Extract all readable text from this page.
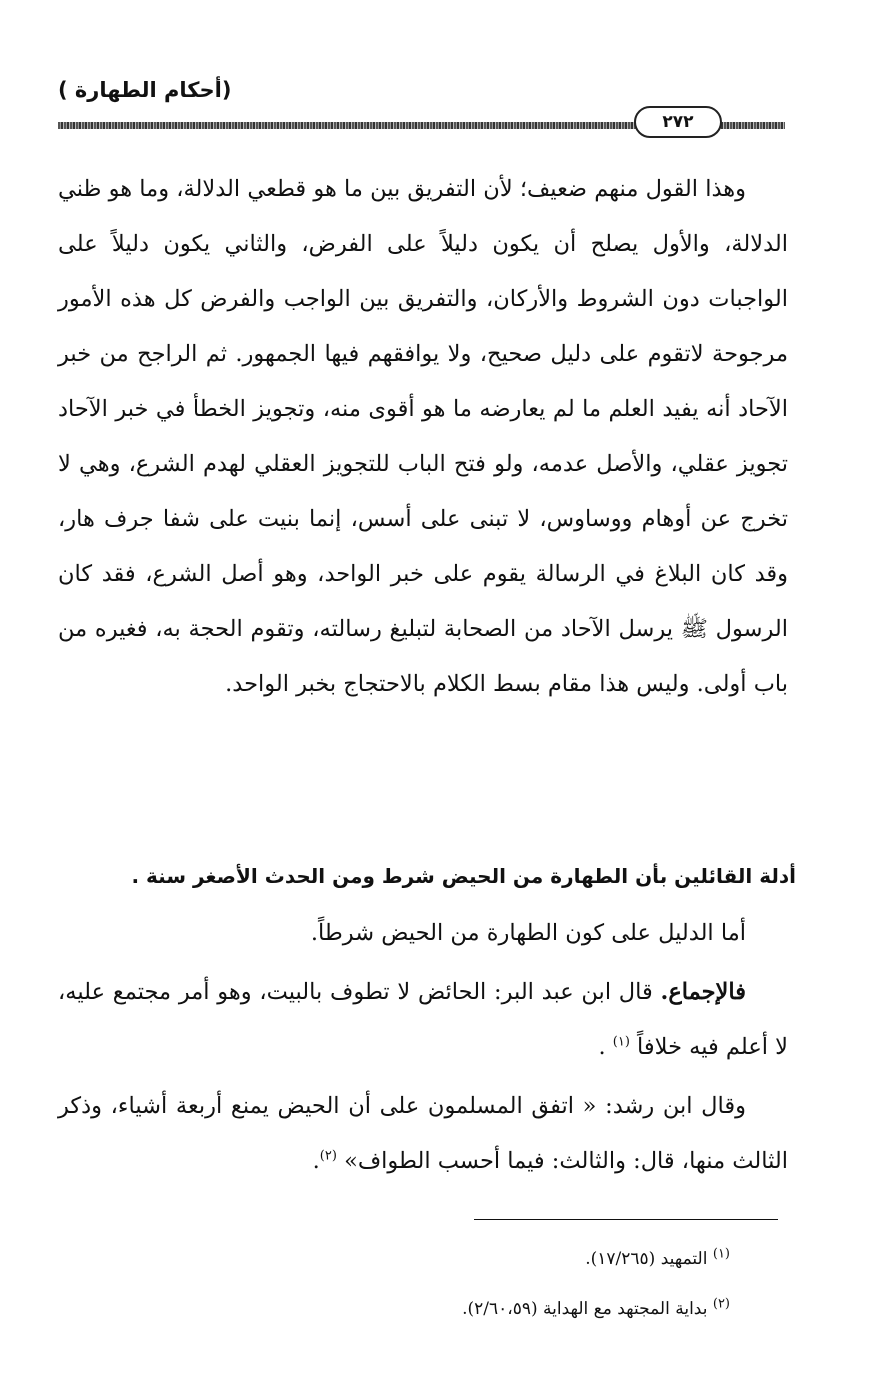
(أحكام الطهارة )
٢٧٢

وهذا القول منهم ضعيف؛ لأن التفريق بين ما هو قطعي الدلالة، وما هو ظني الدلالة، والأول يصلح أن يكون دليلاً على الفرض، والثاني يكون دليلاً على الواجبات دون الشروط والأركان، والتفريق بين الواجب والفرض كل هذه الأمور مرجوحة لاتقوم على دليل صحيح، ولا يوافقهم فيها الجمهور. ثم الراجح من خبر الآحاد أنه يفيد العلم ما لم يعارضه ما هو أقوى منه، وتجويز الخطأ في خبر الآحاد تجويز عقلي، والأصل عدمه، ولو فتح الباب للتجويز العقلي لهدم الشرع، وهي لا تخرج عن أوهام ووساوس، لا تبنى على أسس، إنما بنيت على شفا جرف هار، وقد كان البلاغ في الرسالة يقوم على خبر الواحد، وهو أصل الشرع، فقد كان الرسول ﷺ يرسل الآحاد من الصحابة لتبليغ رسالته، وتقوم الحجة به، فغيره من باب أولى. وليس هذا مقام بسط الكلام بالاحتجاج بخبر الواحد.

أدلة القائلين بأن الطهارة من الحيض شرط ومن الحدث الأصغر سنة .

أما الدليل على كون الطهارة من الحيض شرطاً.

فالإجماع. قال ابن عبد البر: الحائض لا تطوف بالبيت، وهو أمر مجتمع عليه، لا أعلم فيه خلافاً $^{(١)}$ .

وقال ابن رشد: « اتفق المسلمون على أن الحيض يمنع أربعة أشياء، وذكر الثالث منها، قال: والثالث: فيما أحسب الطواف» $^{(٢)}$.

$^{(١)}$ التمهيد (١٧/٢٦٥).

$^{(٢)}$ بداية المجتهد مع الهداية (٢/٦٠،٥٩).
